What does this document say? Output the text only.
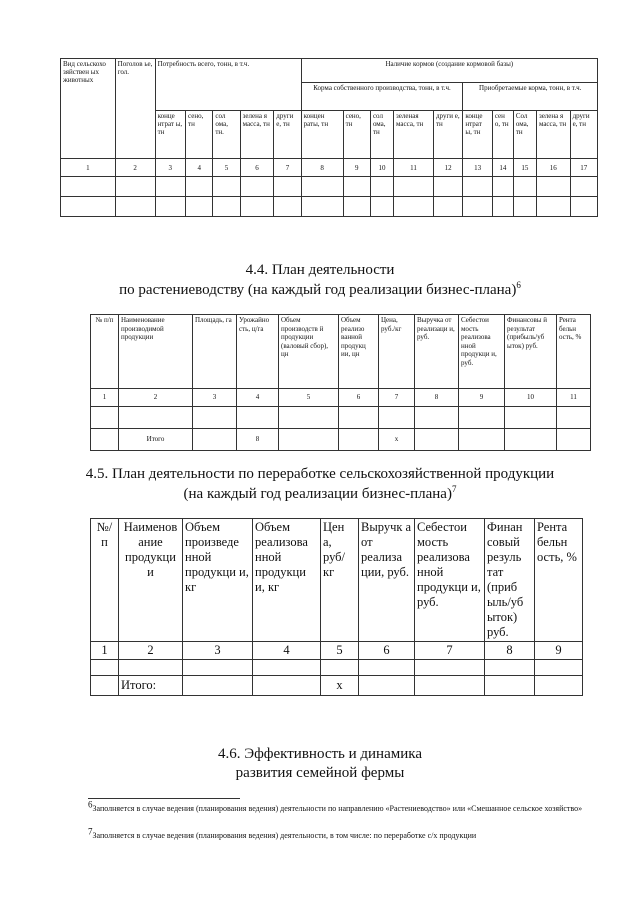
Вид сельскохо зяйствен ых животных	Поголов ье, гол.	Потребность всего, тонн, в т.ч.					Наличие кормов (создание кормовой базы)									
							Корма собственного производства, тонн, в т.ч.					Приобретаемые корма, тонн, в т.ч.				
		конце нтрат ы, тн	сено, тн	сол ома, тн.	зелена я масса, тн	други е, тн	концен раты, тн	сено, тн	сол ома, тн	зеленая масса, тн	други е, тн	конце нтрат ы, тн	сен о, тн	Сол ома, тн	зелена я масса, тн	други е, тн
1	2	3	4	5	6	7	8	9	10	11	12	13	14	15	16	17

4.4. План деятельности
по растениеводству (на каждый год реализации бизнес-плана)$^6$
№ п/п	Наименование производимой продукции	Площадь, га	Урожайно сть, ц/га	Объем производств й продукции (валовый сбор), цн	Объем реализо ванной продукц ии, цн	Цена, руб./кг	Выручка от реализаци и, руб.	Себестои мость реализова нной продукци и, руб.	Финансовы й результат (прибыль/уб ыток) руб.	Рента бельн ость, %
1	2	3	4	5	6	7	8	9	10	11

	Итого		8			x				
4.5. План деятельности по переработке сельскохозяйственной продукции
(на каждый год реализации бизнес-плана)$^7$
№/ п	Наименов ание продукци и	Объем произведе нной продукци и, кг	Объем реализова нной продукци и, кг	Цен а, руб/ кг	Выручк а от реализа ции, руб.	Себестои мость реализова нной продукци и, руб.	Финан совый резуль тат (приб ыль/уб ыток) руб.	Рента бельн ость, %
1	2	3	4	5	6	7	8	9

	Итого:			x				
4.6. Эффективность и динамика
развития семейной фермы
$^6$Заполняется в случае ведения (планирования ведения) деятельности по направлению «Растениеводство» или «Смешанное сельское хозяйство»
$^7$Заполняется в случае ведения (планирования ведения) деятельности, в том числе: по переработке с/х продукции
